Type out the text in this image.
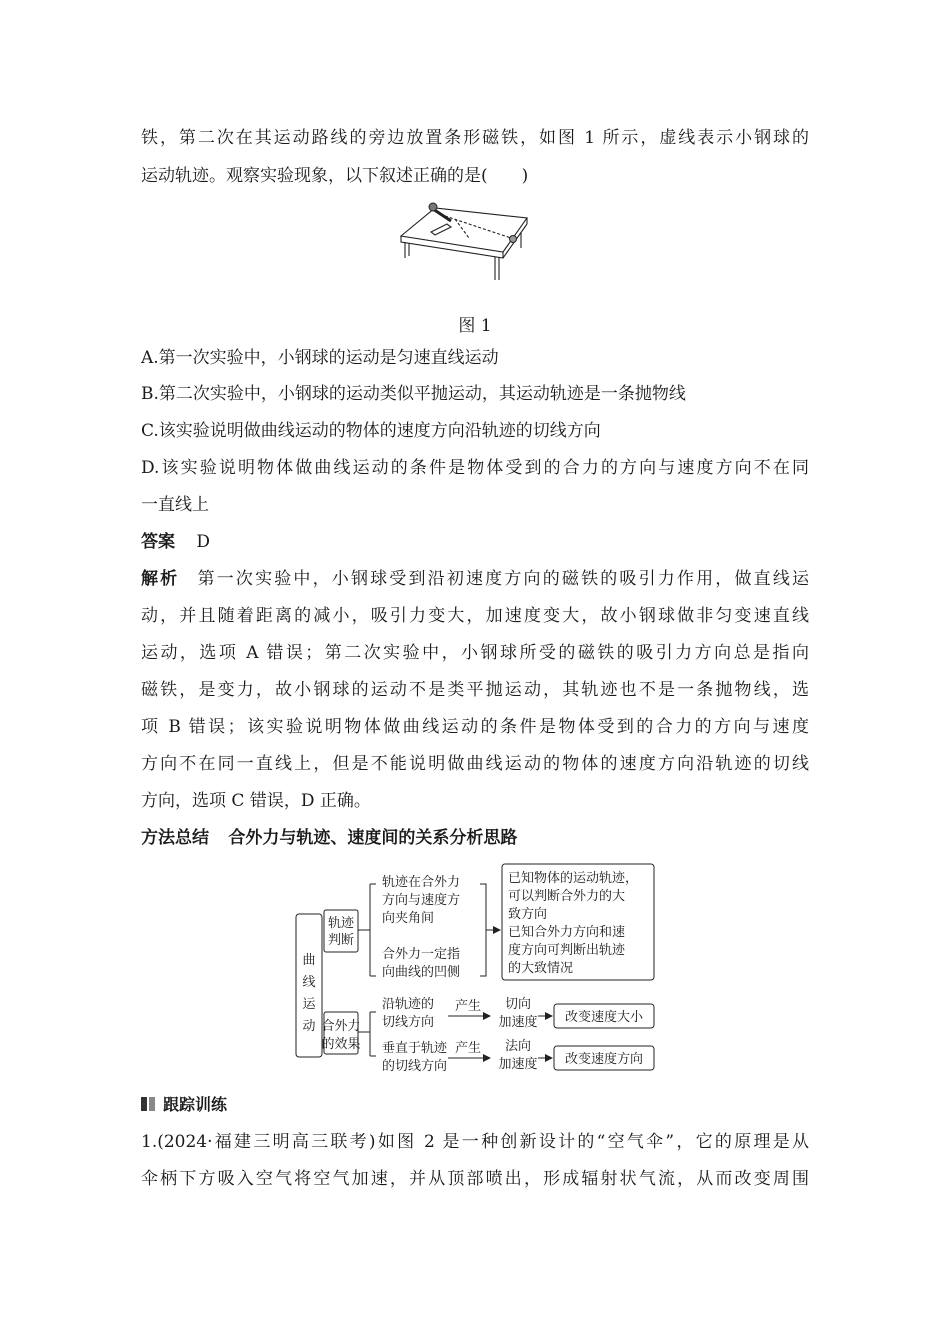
铁，第二次在其运动路线的旁边放置条形磁铁，如图 1 所示，虚线表示小钢球的
运动轨迹。观察实验现象，以下叙述正确的是(　　)
图 1
A.第一次实验中，小钢球的运动是匀速直线运动
B.第二次实验中，小钢球的运动类似平抛运动，其运动轨迹是一条抛物线
C.该实验说明做曲线运动的物体的速度方向沿轨迹的切线方向
D.该实验说明物体做曲线运动的条件是物体受到的合力的方向与速度方向不在同
一直线上
答案 D
解析 第一次实验中，小钢球受到沿初速度方向的磁铁的吸引力作用，做直线运
动，并且随着距离的减小，吸引力变大，加速度变大，故小钢球做非匀变速直线
运动，选项 A 错误；第二次实验中，小钢球所受的磁铁的吸引力方向总是指向
磁铁，是变力，故小钢球的运动不是类平抛运动，其轨迹也不是一条抛物线，选
项 B 错误；该实验说明物体做曲线运动的条件是物体受到的合力的方向与速度
方向不在同一直线上，但是不能说明做曲线运动的物体的速度方向沿轨迹的切线
方向，选项 C 错误，D 正确。
方法总结 合外力与轨迹、速度间的关系分析思路
曲
线
运
动
轨迹
判断
轨迹在合外力
方向与速度方
向夹角间
合外力一定指
向曲线的凹侧
已知物体的运动轨迹，
可以判断合外力的大
致方向
已知合外力方向和速
度方向可判断出轨迹
的大致情况
合外力
的效果
沿轨迹的
切线方向
垂直于轨迹
的切线方向
产生
产生
切向
加速度
法向
加速度
改变速度大小
改变速度方向
跟踪训练
1.(2024·福建三明高三联考)如图 2 是一种创新设计的“空气伞”，它的原理是从
伞柄下方吸入空气将空气加速，并从顶部喷出，形成辐射状气流，从而改变周围
